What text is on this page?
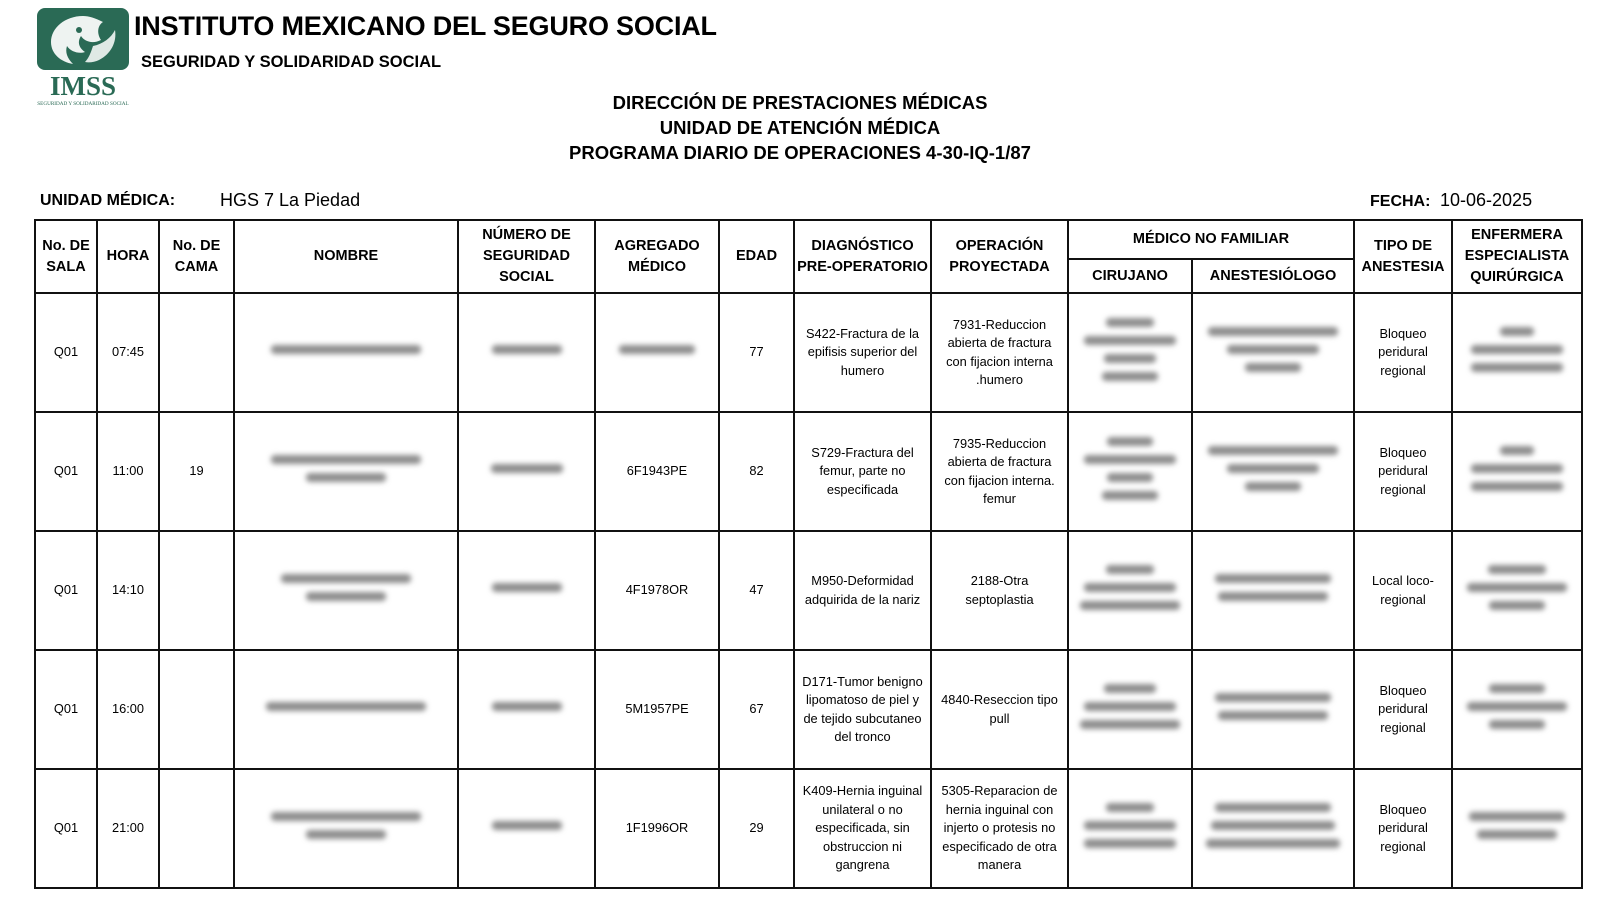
IMSS
SEGURIDAD Y SOLIDARIDAD SOCIAL
INSTITUTO MEXICANO DEL SEGURO SOCIAL
SEGURIDAD Y SOLIDARIDAD SOCIAL
DIRECCIÓN DE PRESTACIONES MÉDICAS
UNIDAD DE ATENCIÓN MÉDICA
PROGRAMA DIARIO DE OPERACIONES 4-30-IQ-1/87
UNIDAD MÉDICA: HGS 7 La Piedad	FECHA: 10-06-2025
No. DE SALA	HORA	No. DE CAMA	NOMBRE	NÚMERO DE SEGURIDAD SOCIAL	AGREGADO MÉDICO	EDAD	DIAGNÓSTICO PRE-OPERATORIO	OPERACIÓN PROYECTADA	MÉDICO NO FAMILIAR		TIPO DE ANESTESIA	ENFERMERA ESPECIALISTA QUIRÚRGICA
									CIRUJANO	ANESTESIÓLOGO		
Q01	07:45					77	S422-Fractura de la epifisis superior del humero	7931-Reduccion abierta de fractura con fijacion interna .humero			Bloqueo peridural regional	

Q01	11:00	19			6F1943PE	82	S729-Fractura del femur, parte no especificada	7935-Reduccion abierta de fractura con fijacion interna. femur			Bloqueo peridural regional	

Q01	14:10				4F1978OR	47	M950-Deformidad adquirida de la nariz	2188-Otra septoplastia			Local loco-regional	

Q01	16:00				5M1957PE	67	D171-Tumor benigno lipomatoso de piel y de tejido subcutaneo del tronco	4840-Reseccion tipo pull			Bloqueo peridural regional	

Q01	21:00				1F1996OR	29	K409-Hernia inguinal unilateral o no especificada, sin obstruccion ni gangrena	5305-Reparacion de hernia inguinal con injerto o protesis no especificado de otra manera			Bloqueo peridural regional	
